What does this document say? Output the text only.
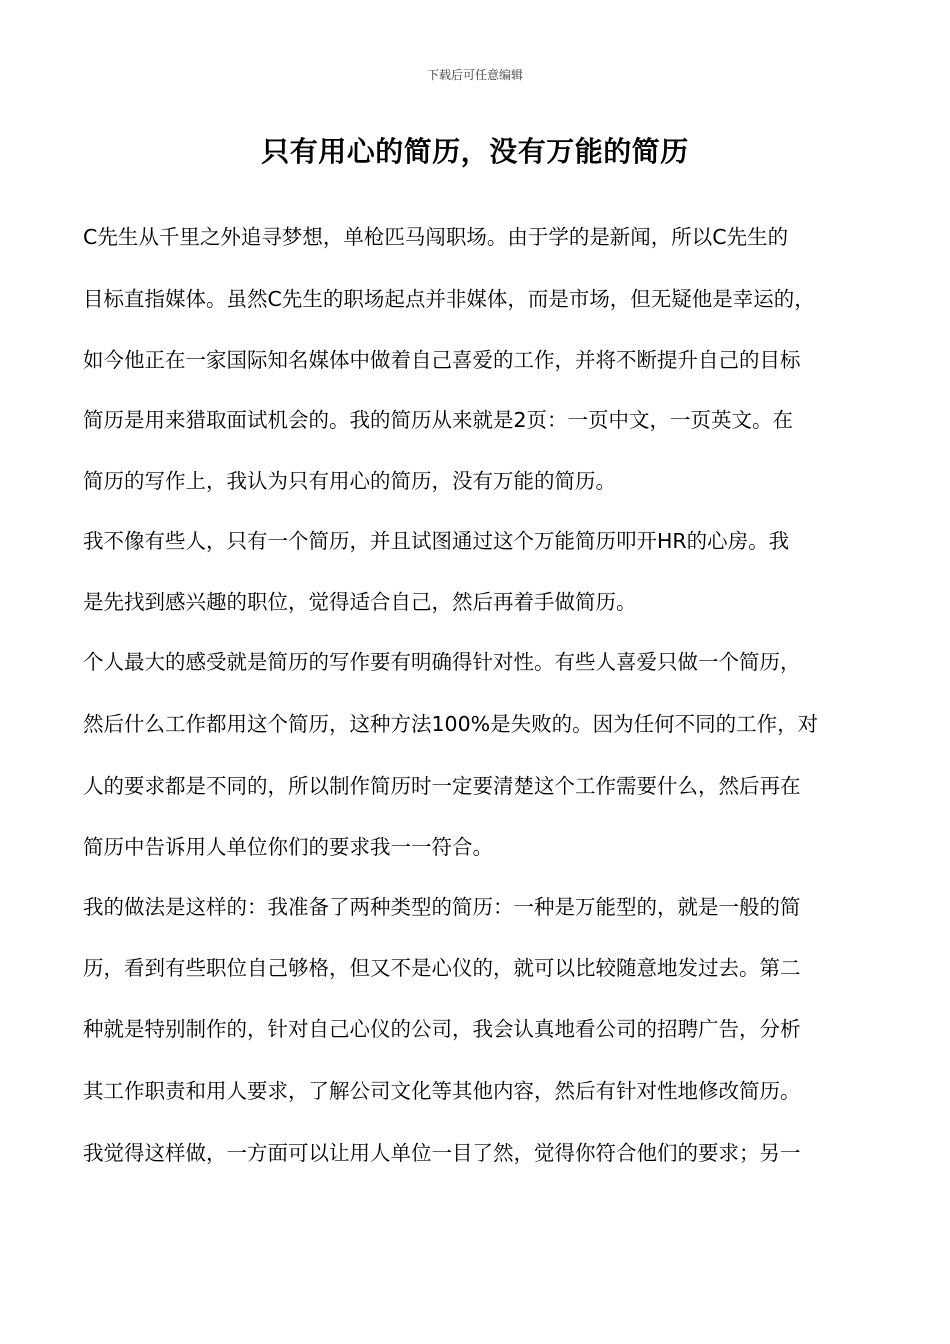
下载后可任意编辑
只有用心的简历，没有万能的简历
C先生从千里之外追寻梦想，单枪匹马闯职场。由于学的是新闻，所以C先生的
目标直指媒体。虽然C先生的职场起点并非媒体，而是市场，但无疑他是幸运的，
如今他正在一家国际知名媒体中做着自己喜爱的工作，并将不断提升自己的目标
简历是用来猎取面试机会的。我的简历从来就是2页：一页中文，一页英文。在
简历的写作上，我认为只有用心的简历，没有万能的简历。
我不像有些人，只有一个简历，并且试图通过这个万能简历叩开HR的心房。我
是先找到感兴趣的职位，觉得适合自己，然后再着手做简历。
个人最大的感受就是简历的写作要有明确得针对性。有些人喜爱只做一个简历，
然后什么工作都用这个简历，这种方法100%是失败的。因为任何不同的工作，对
人的要求都是不同的，所以制作简历时一定要清楚这个工作需要什么，然后再在
简历中告诉用人单位你们的要求我一一符合。
我的做法是这样的：我准备了两种类型的简历：一种是万能型的，就是一般的简
历，看到有些职位自己够格，但又不是心仪的，就可以比较随意地发过去。第二
种就是特别制作的，针对自己心仪的公司，我会认真地看公司的招聘广告，分析
其工作职责和用人要求，了解公司文化等其他内容，然后有针对性地修改简历。
我觉得这样做，一方面可以让用人单位一目了然，觉得你符合他们的要求；另一
